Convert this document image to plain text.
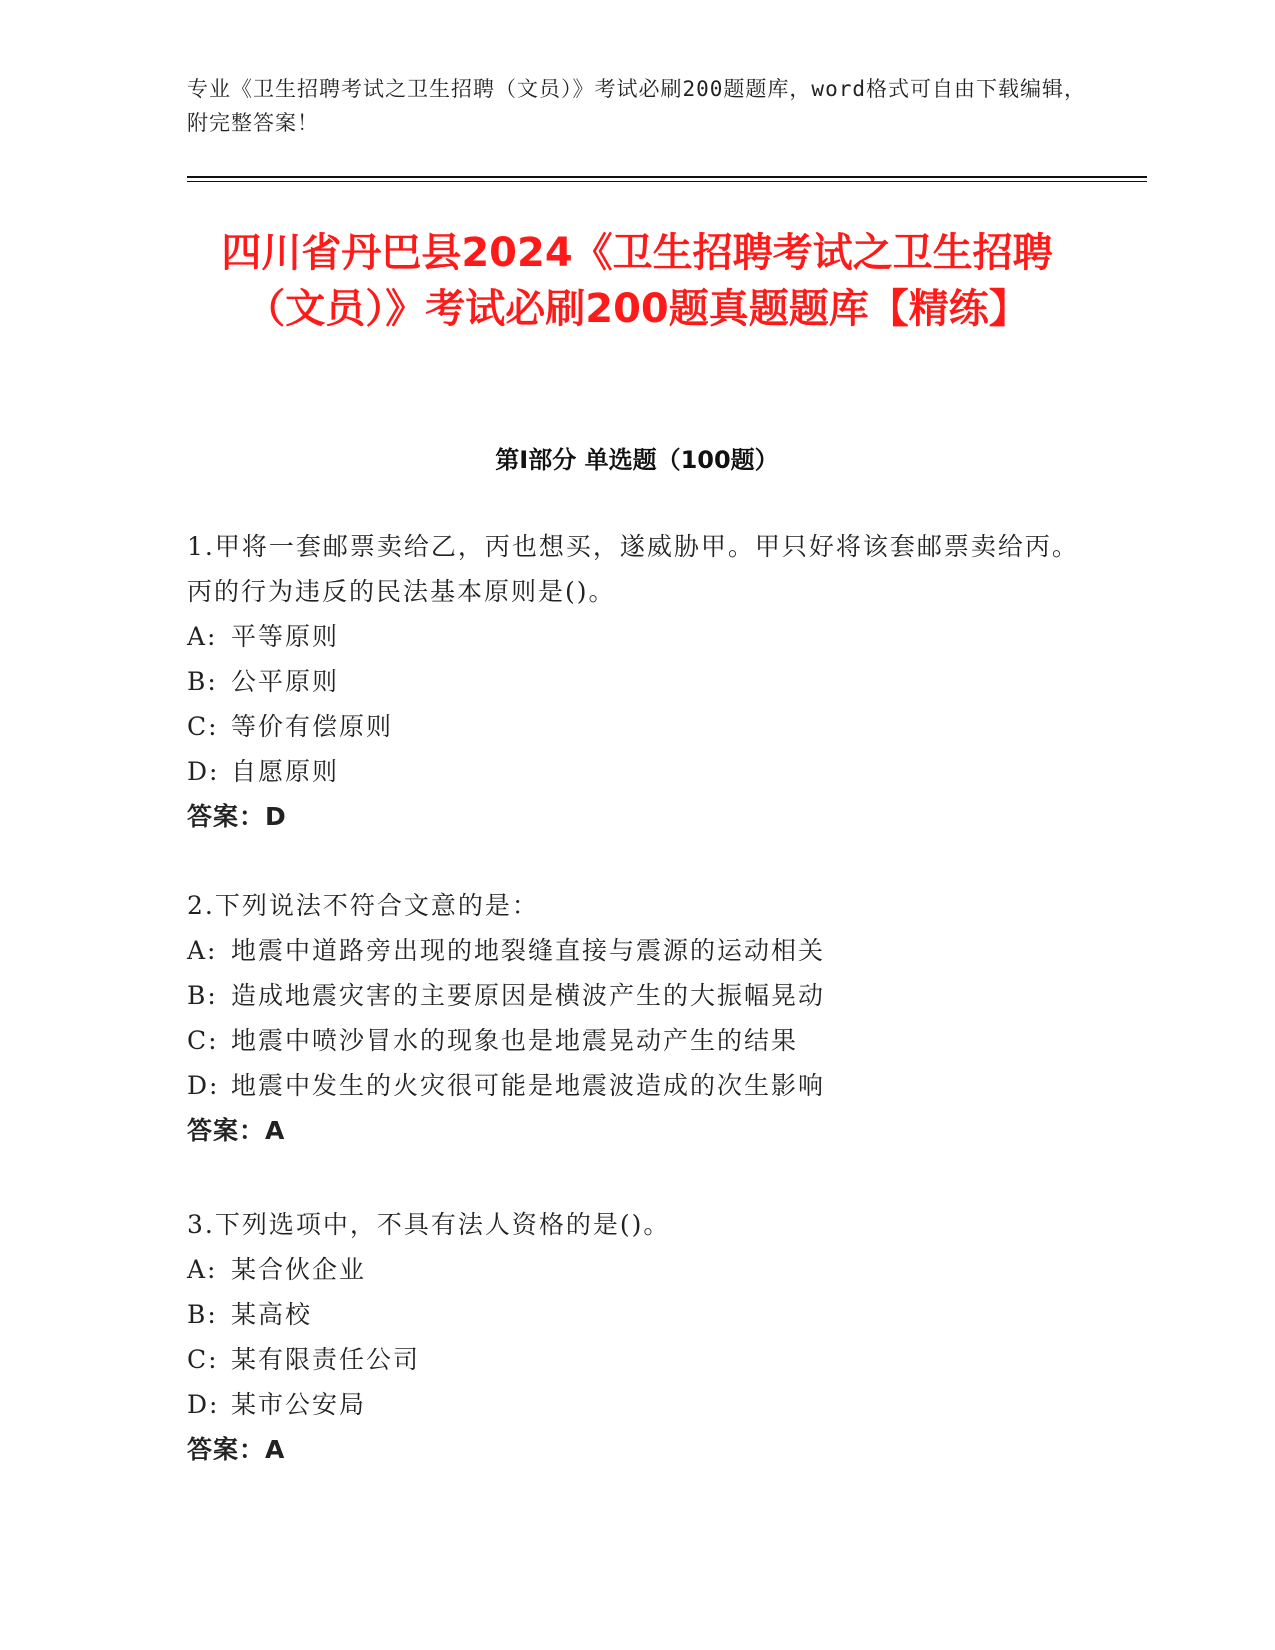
专业《卫生招聘考试之卫生招聘（文员）》考试必刷200题题库，word格式可自由下载编辑，附完整答案！
四川省丹巴县2024《卫生招聘考试之卫生招聘（文员）》考试必刷200题真题题库【精练】
第I部分 单选题（100题）

1.甲将一套邮票卖给乙，丙也想买，遂威胁甲。甲只好将该套邮票卖给丙。丙的行为违反的民法基本原则是()。

A: 平等原则

B: 公平原则

C: 等价有偿原则

D: 自愿原则

答案：D

2.下列说法不符合文意的是：

A: 地震中道路旁出现的地裂缝直接与震源的运动相关

B: 造成地震灾害的主要原因是横波产生的大振幅晃动

C: 地震中喷沙冒水的现象也是地震晃动产生的结果

D: 地震中发生的火灾很可能是地震波造成的次生影响

答案：A

3.下列选项中，不具有法人资格的是()。

A: 某合伙企业

B: 某高校

C: 某有限责任公司

D: 某市公安局

答案：A
